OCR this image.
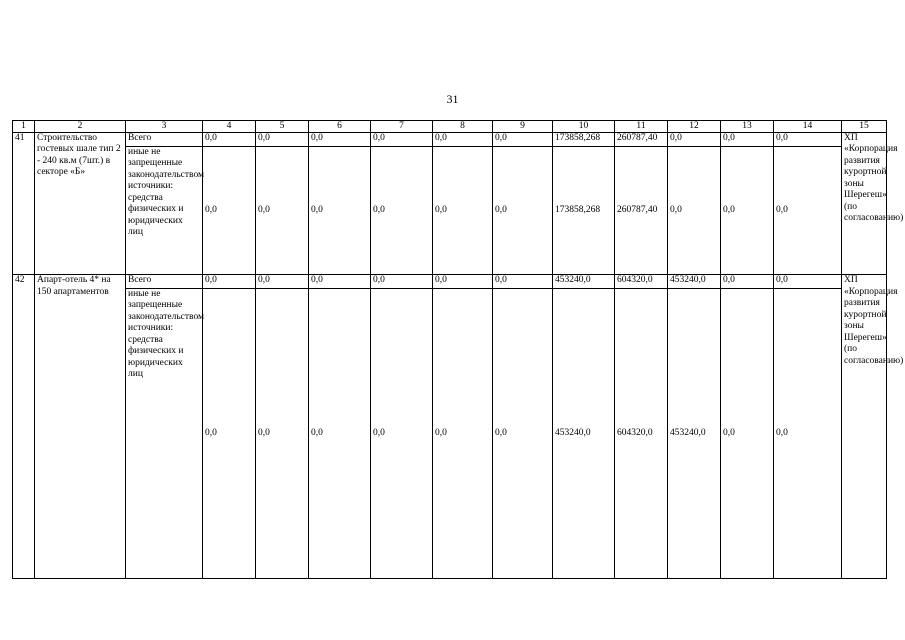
31
1	2	3	4	5	6	7	8	9	10	11	12	13	14	15
41	Строительство гостевых шале тип 2 - 240 кв.м (7шт.) в секторе «Б»	Всего	0,0	0,0	0,0	0,0	0,0	0,0	173858,268	260787,40	0,0	0,0	0,0	ХП «Корпорация развития курортной зоны Шерегеш» (по согласованию)
		иные не запрещенные законодательством источники: средства физических и юридических лиц	0,0	0,0	0,0	0,0	0,0	0,0	173858,268	260787,40	0,0	0,0	0,0	
42	Апарт-отель 4* на 150 апартаментов	Всего	0,0	0,0	0,0	0,0	0,0	0,0	453240,0	604320,0	453240,0	0,0	0,0	ХП «Корпорация развития курортной зоны Шерегеш» (по согласованию)
		иные не запрещенные законодательством источники: средства физических и юридических лиц	0,0	0,0	0,0	0,0	0,0	0,0	453240,0	604320,0	453240,0	0,0	0,0	
